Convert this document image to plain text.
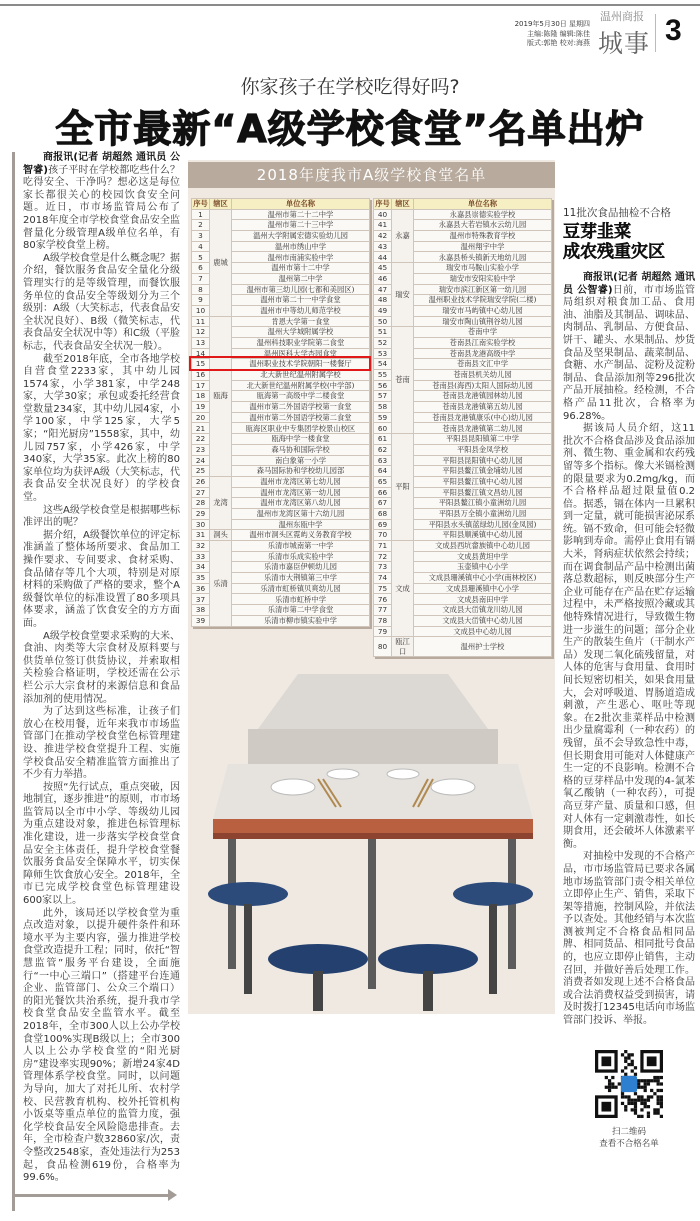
2019年5月30日 星期四
主编:陈隆 编辑:陈佳
版式:郭艳 校对:海燕
温州商报
城事 3
你家孩子在学校吃得好吗?
全市最新“A级学校食堂”名单出炉

商报讯(记者 胡超然 通讯员 公智睿)孩子平时在学校都吃些什么？吃得安全、干净吗？想必这是每位家长都很关心的校园饮食安全问题。近日，市市场监管局公布了2018年度全市学校食堂食品安全监督量化分级管理A级单位名单，有80家学校食堂上榜。

A级学校食堂是什么概念呢？据介绍，餐饮服务食品安全量化分级管理实行的是等级管理，而餐饮服务单位的食品安全等级划分为三个级别：A级（大笑标志，代表食品安全状况良好）、B级（微笑标志，代表食品安全状况中等）和C级（平脸标志，代表食品安全状况一般）。

截至2018年底，全市各地学校自营食堂2233家，其中幼儿园1574家，小学381家，中学248家，大学30家；承包或委托经营食堂数量234家，其中幼儿园4家，小学100家，中学125家，大学5家；“阳光厨房”1558家，其中，幼儿园757家，小学426家，中学340家，大学35家。此次上榜的80家单位均为获评A级（大笑标志，代表食品安全状况良好）的学校食堂。

这些A级学校食堂是根据哪些标准评出的呢？

据介绍，A级餐饮单位的评定标准涵盖了整体场所要求、食品加工操作要求、专间要求、食材采购、食品储存等几个大项，特别是对原材料的采购做了严格的要求，整个A级餐饮单位的标准设置了80多项具体要求，涵盖了饮食安全的方方面面。

A级学校食堂要求采购的大米、食油、肉类等大宗食材及原料要与供货单位签订供货协议，并索取相关检验合格证明，学校还需在公示栏公示大宗食材的来源信息和食品添加剂的使用情况。

为了达到这些标准，让孩子们放心在校用餐，近年来我市市场监管部门在推动学校食堂色标管理建设、推进学校食堂提升工程、实施学校食品安全精准监管方面推出了不少有力举措。

按照“先行试点，重点突破，因地制宜，逐步推进”的原则，市市场监管局以全市中小学、等级幼儿园为重点建设对象，推进色标管理标准化建设，进一步落实学校食堂食品安全主体责任，提升学校食堂餐饮服务食品安全保障水平，切实保障师生饮食放心安全。2018年，全市已完成学校食堂色标管理建设600家以上。

此外，该局还以学校食堂为重点改造对象，以提升硬件条件和环境水平为主要内容，强力推进学校食堂改造提升工程；同时，依托“智慧监管”服务平台建设，全面施行“一中心三端口”（搭建平台连通企业、监管部门、公众三个端口）的阳光餐饮共治系统，提升我市学校食堂食品安全监管水平。截至2018年，全市300人以上公办学校食堂100%实现B级以上；全市300人以上公办学校食堂的“阳光厨房”建设率实现90%；新增24家4D管理体系学校食堂。同时，以问题为导向，加大了对托儿所、农村学校、民营教育机构、校外托管机构小饭桌等重点单位的监管力度，强化学校食品安全风险隐患排查。去年，全市检查户数32860家/次，责令整改2548家，查处违法行为253起，食品检测619份，合格率为99.6%。

2018年度我市A级学校食堂名单
序号	辖区	单位名称
1	鹿城	温州市第二十二中学
2		温州市第二十三中学
3		温州大学附属宏德实验幼儿园
4		温州市绣山中学
5		温州市南浦实验中学
6		温州市第十二中学
7		温州第二中学
8		温州市第三幼儿园(七都和美园区)
9		温州市第二十一中学食堂
10		温州市中等幼儿师范学校
11	瓯海	肯恩大学第一食堂
12		温州大学城附属学校
13		温州科技职业学院第二食堂
14		温州医科大学杏园食堂
15		温州职业技术学院朝阳一楼餐厅
16		北大新世纪温州附属学校
17		北大新世纪温州附属学校(中学部)
18		瓯海第一高级中学二楼食堂
19		温州市第二外国语学校第一食堂
20		温州市第二外国语学校第二食堂
21		瓯海区职业中专集团学校景山校区
22		瓯海中学一楼食堂
23		森马协和国际学校
24		南白象第一小学
25		森马国际协和学校幼儿园部
26	龙湾	温州市龙湾区第七幼儿园
27		温州市龙湾区第一幼儿园
28		温州市龙湾区第八幼儿园
29		温州市龙湾区第十六幼儿园
30		温州东瓯中学
31	洞头	温州市洞头区霓屿义务教育学校
32	乐清	乐清市城南第一中学
33		乐清市乐成实验中学
34		乐清市嘉臣伊顿幼儿园
35		乐清市大荆镇第三中学
36		乐清市虹桥镇贝爽幼儿园
37		乐清市虹桥中学
38		乐清市第二中学食堂
39		乐清市柳市镇实验中学
序号	辖区	单位名称
40	永嘉	永嘉县崇德实验学校
41		永嘉县大若岩镇水云幼儿园
42		温州市特殊教育学校
43		温州翔宇中学
44		永嘉县桥头镇新天地幼儿园
45	瑞安	瑞安市马鞍山实验小学
46		瑞安市安阳实验中学
47		瑞安市滨江新区第一幼儿园
48		温州职业技术学院瑞安学院(二楼)
49		瑞安市马屿镇中心幼儿园
50		瑞安市陶山镇荆谷幼儿园
51	苍南	苍南中学
52		苍南县江南实验学校
53		苍南县龙港高级中学
54		苍南县文汇中学
55		苍南县机关幼儿园
56		苍南县(海西)太阳人国际幼儿园
57		苍南县龙港镇园林幼儿园
58		苍南县龙港镇第五幼儿园
59		苍南县龙港镇康乐(中心)幼儿园
60		苍南县龙港镇第二幼儿园
61	平阳	平阳县昆阳镇第二中学
62		平阳县金凤学校
63		平阳县昆阳镇中心幼儿园
64		平阳县鳌江镇金埔幼儿园
65		平阳县鳌江镇中心幼儿园
66		平阳县鳌江镇文昌幼儿园
67		平阳县鳌江镇小童洲幼儿园
68		平阳县万全镇小童洲幼儿园
69		平阳县水头镇蓝绿幼儿园(金凤园)
70		平阳县顺溪镇中心幼儿园
71	文成	文成县西坑畲族镇中心幼儿园
72		文成县黄坦中学
73		玉壶镇中心小学
74		文成县珊溪镇中心小学(南林校区)
75		文成县珊溪镇中心小学
76		文成县南田中学
77		文成县大峃镇龙川幼儿园
78		文成县大峃镇中心幼儿园
79		文成县中心幼儿园
80	瓯江口	温州护士学校
11批次食品抽检不合格
豆芽韭菜
成农残重灾区

商报讯(记者 胡超然 通讯员 公智睿)日前，市市场监管局组织对粮食加工品、食用油、油脂及其制品、调味品、肉制品、乳制品、方便食品、饼干、罐头、水果制品、炒货食品及坚果制品、蔬菜制品、食糖、水产制品、淀粉及淀粉制品、食品添加剂等296批次产品开展抽检。经检测，不合格产品11批次，合格率为96.28%。

据该局人员介绍，这11批次不合格食品涉及食品添加剂、微生物、重金属和农药残留等多个指标。像大米镉检测的限量要求为0.2mg/kg，而不合格样品超过限量值0.2倍。据悉，镉在体内一旦累积到一定量，就可能损害泌尿系统。镉不致命，但可能会轻微影响到寿命。需停止食用有镉大米，肾病症状依然会持续；而在调食制品产品中检测出菌落总数超标，则反映部分生产企业可能存在产品在贮存运输过程中，未严格按照冷藏或其他特殊情况进行，导致微生物进一步滋生的问题；部分企业生产的散装生鱼片（干制水产品）发现二氧化硫残留量，对人体的危害与食用量、食用时间长短密切相关，如果食用量大，会对呼吸道、胃肠道造成刺激，产生恶心、呕吐等现象。在2批次韭菜样品中检测出少量腐霉利（一种农药）的残留，虽不会导致急性中毒，但长期食用可能对人体健康产生一定的不良影响。检测不合格的豆芽样品中发现的4-氯苯氧乙酸钠（一种农药），可提高豆芽产量、质量和口感，但对人体有一定刺激毒性，如长期食用，还会破坏人体激素平衡。

对抽检中发现的不合格产品，市市场监管局已要求各属地市场监管部门责令相关单位立即停止生产、销售，采取下架等措施，控制风险，并依法予以查处。其他经销与本次监测被判定不合格食品相同品牌、相同货品、相同批号食品的，也应立即停止销售，主动召回，并做好善后处理工作。消费者如发现上述不合格食品或合法消费权益受到损害，请及时拨打12345电话向市场监管部门投诉、举报。

扫二维码
查看不合格名单
